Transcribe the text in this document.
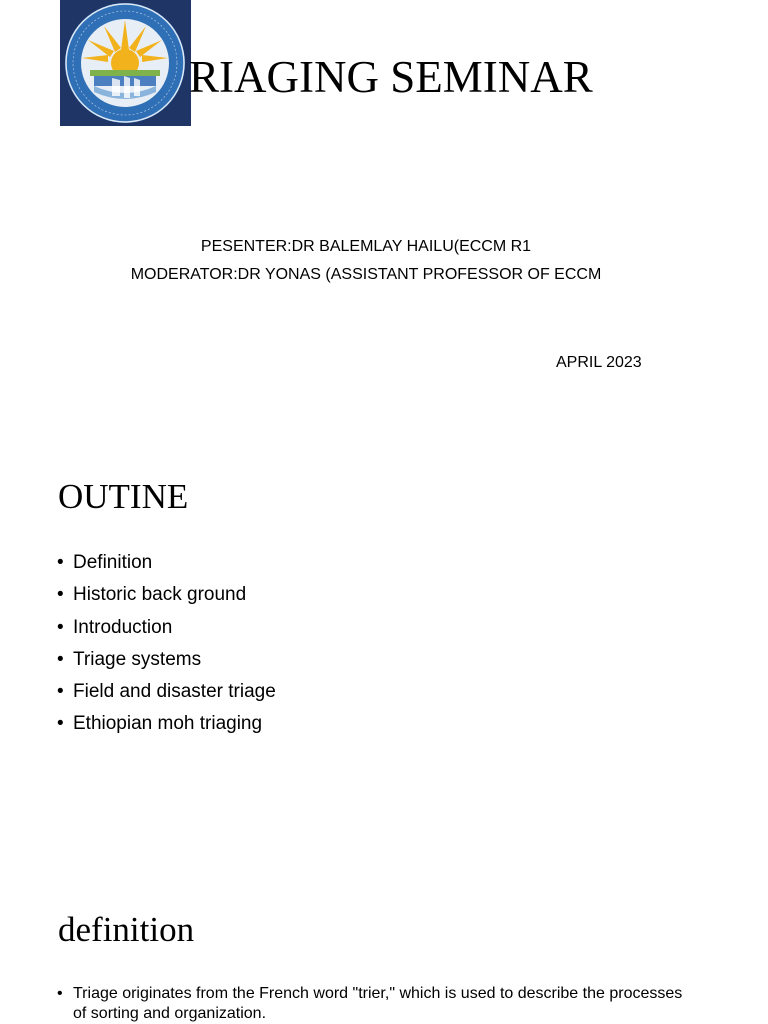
RIAGING SEMINAR
PESENTER:DR BALEMLAY HAILU(ECCM R1
MODERATOR:DR YONAS (ASSISTANT PROFESSOR OF ECCM
APRIL 2023
OUTINE
• Definition
• Historic back ground
• Introduction
• Triage systems
• Field and disaster triage
• Ethiopian moh triaging
definition
• Triage originates from the French word "trier," which is used to describe the processes of sorting and organization.
